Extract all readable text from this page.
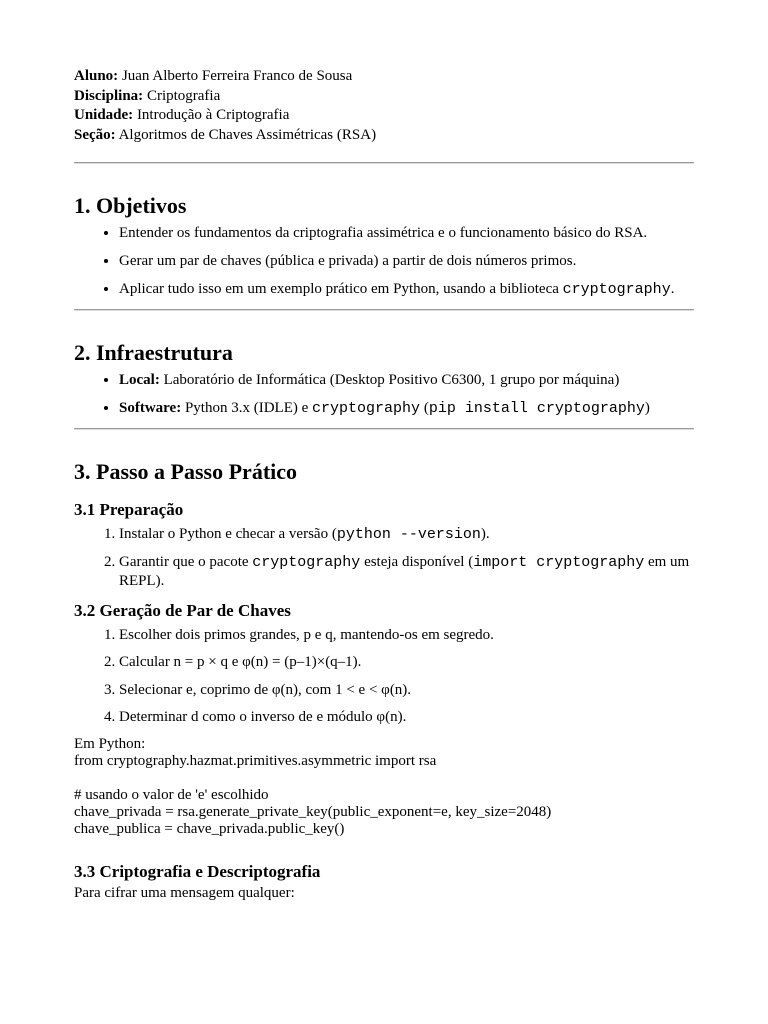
Aluno: Juan Alberto Ferreira Franco de Sousa
Disciplina: Criptografia
Unidade: Introdução à Criptografia
Seção: Algoritmos de Chaves Assimétricas (RSA)
1. Objetivos
• Entender os fundamentos da criptografia assimétrica e o funcionamento básico do RSA.
• Gerar um par de chaves (pública e privada) a partir de dois números primos.
• Aplicar tudo isso em um exemplo prático em Python, usando a biblioteca cryptography.
2. Infraestrutura
• Local: Laboratório de Informática (Desktop Positivo C6300, 1 grupo por máquina)
• Software: Python 3.x (IDLE) e cryptography (pip install cryptography)
3. Passo a Passo Prático
3.1 Preparação
1. Instalar o Python e checar a versão (python --version).
2. Garantir que o pacote cryptography esteja disponível (import cryptography em um REPL).
3.2 Geração de Par de Chaves
1. Escolher dois primos grandes, p e q, mantendo-os em segredo.
2. Calcular n = p × q e φ(n) = (p–1)×(q–1).
3. Selecionar e, coprimo de φ(n), com 1 < e < φ(n).
4. Determinar d como o inverso de e módulo φ(n).
Em Python:
from cryptography.hazmat.primitives.asymmetric import rsa
# usando o valor de 'e' escolhido
chave_privada = rsa.generate_private_key(public_exponent=e, key_size=2048)
chave_publica = chave_privada.public_key()
3.3 Criptografia e Descriptografia
Para cifrar uma mensagem qualquer:
